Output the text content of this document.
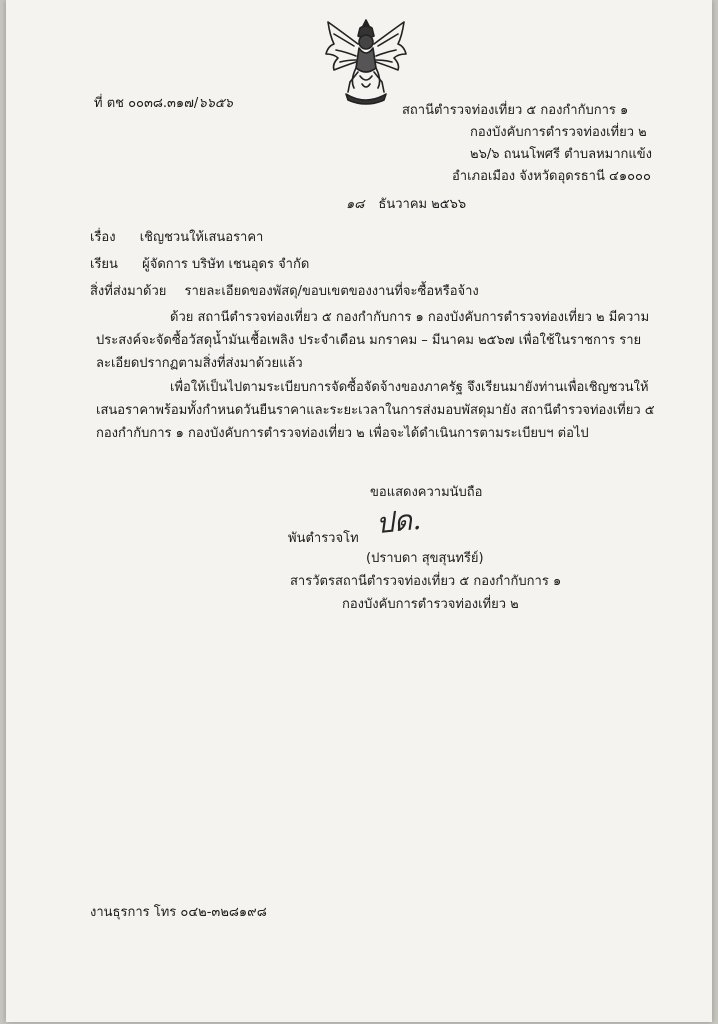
ที่ ตช ๐๐๓๘.๓๑๗/๖๖๕๖	สถานีตำรวจท่องเที่ยว ๕ กองกำกับการ ๑
กองบังคับการตำรวจท่องเที่ยว ๒
๒๖/๖ ถนนโพศรี ตำบลหมากแข้ง
อำเภอเมือง จังหวัดอุดรธานี ๔๑๐๐๐
๑๘ ธันวาคม ๒๕๖๖
เรื่อง เชิญชวนให้เสนอราคา
เรียน ผู้จัดการ บริษัท เชนอุดร จำกัด
สิ่งที่ส่งมาด้วย รายละเอียดของพัสดุ/ขอบเขตของงานที่จะซื้อหรือจ้าง
ด้วย สถานีตำรวจท่องเที่ยว ๕ กองกำกับการ ๑ กองบังคับการตำรวจท่องเที่ยว ๒ มีความประสงค์จะจัดซื้อวัสดุน้ำมันเชื้อเพลิง ประจำเดือน มกราคม – มีนาคม ๒๕๖๗ เพื่อใช้ในราชการ รายละเอียดปรากฏตามสิ่งที่ส่งมาด้วยแล้ว
เพื่อให้เป็นไปตามระเบียบการจัดซื้อจัดจ้างของภาครัฐ จึงเรียนมายังท่านเพื่อเชิญชวนให้เสนอราคาพร้อมทั้งกำหนดวันยืนราคาและระยะเวลาในการส่งมอบพัสดุมายัง สถานีตำรวจท่องเที่ยว ๕ กองกำกับการ ๑ กองบังคับการตำรวจท่องเที่ยว ๒ เพื่อจะได้ดำเนินการตามระเบียบฯ ต่อไป
ขอแสดงความนับถือ
พันตำรวจโท ปด.
(ปราบดา สุขสุนทรีย์)
สารวัตรสถานีตำรวจท่องเที่ยว ๕ กองกำกับการ ๑
กองบังคับการตำรวจท่องเที่ยว ๒
งานธุรการ โทร ๐๔๒-๓๒๘๑๙๘
